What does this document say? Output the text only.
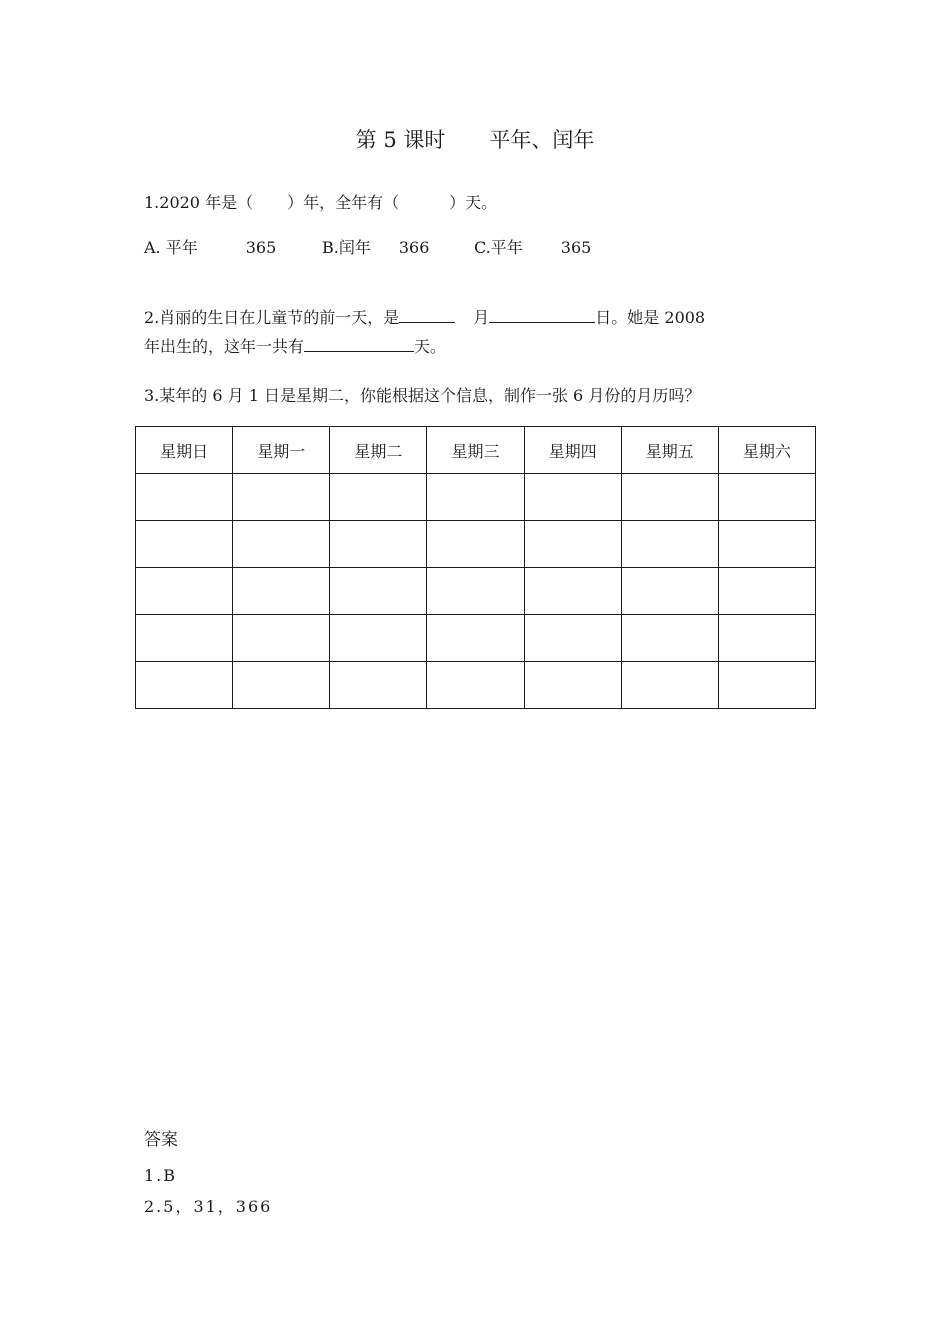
第 5 课时 平年、闰年
1.2020 年是（ ）年，全年有（	）天。
A. 平年	365	B.闰年 366	C.平年 365
2.肖丽的生日在儿童节的前一天，是	月	日。她是 2008
年出生的，这年一共有	天。
3.某年的 6 月 1 日是星期二，你能根据这个信息，制作一张 6 月份的月历吗？
星期日	星期一	星期二	星期三	星期四	星期五	星期六

答案
1.B
2.5，31，366
